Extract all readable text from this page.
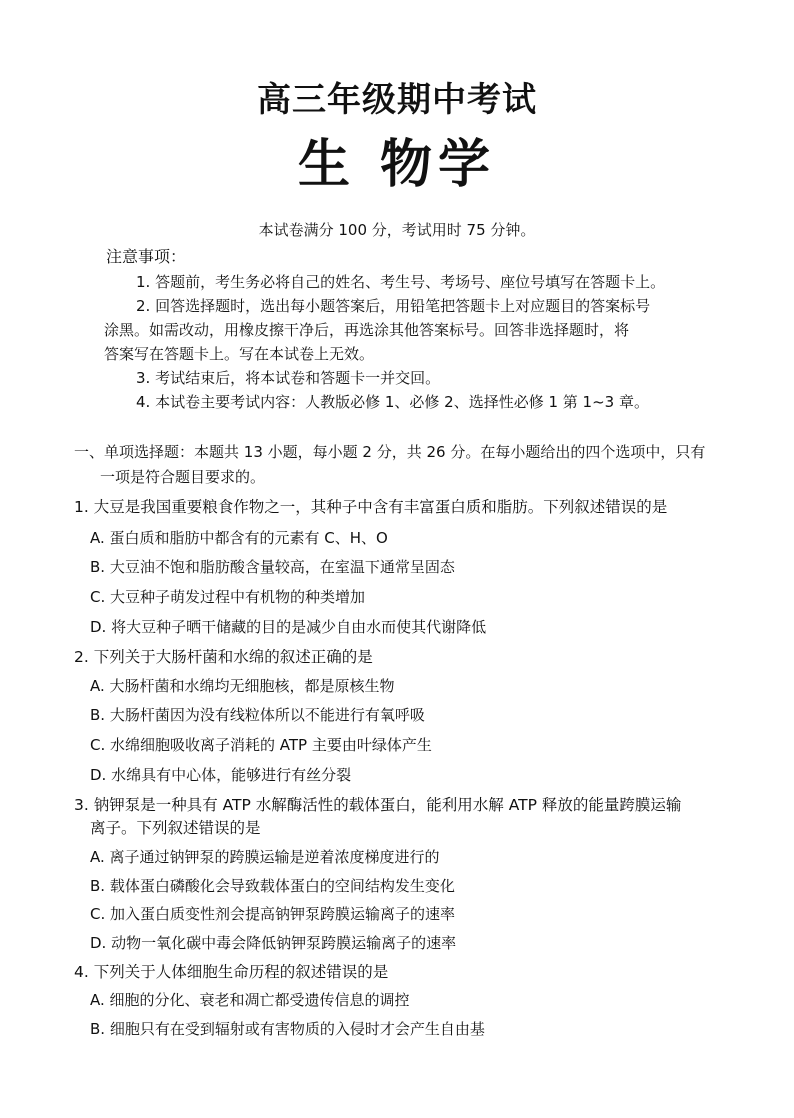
高三年级期中考试
生 物学
本试卷满分 100 分，考试用时 75 分钟。
注意事项：
1. 答题前，考生务必将自己的姓名、考生号、考场号、座位号填写在答题卡上。
2. 回答选择题时，选出每小题答案后，用铅笔把答题卡上对应题目的答案标号
涂黑。如需改动，用橡皮擦干净后，再选涂其他答案标号。回答非选择题时，将
答案写在答题卡上。写在本试卷上无效。
3. 考试结束后，将本试卷和答题卡一并交回。
4. 本试卷主要考试内容：人教版必修 1、必修 2、选择性必修 1 第 1~3 章。
一、单项选择题：本题共 13 小题，每小题 2 分，共 26 分。在每小题给出的四个选项中，只有
一项是符合题目要求的。
1. 大豆是我国重要粮食作物之一，其种子中含有丰富蛋白质和脂肪。下列叙述错误的是
A. 蛋白质和脂肪中都含有的元素有 C、H、O
B. 大豆油不饱和脂肪酸含量较高，在室温下通常呈固态
C. 大豆种子萌发过程中有机物的种类增加
D. 将大豆种子晒干储藏的目的是减少自由水而使其代谢降低
2. 下列关于大肠杆菌和水绵的叙述正确的是
A. 大肠杆菌和水绵均无细胞核，都是原核生物
B. 大肠杆菌因为没有线粒体所以不能进行有氧呼吸
C. 水绵细胞吸收离子消耗的 ATP 主要由叶绿体产生
D. 水绵具有中心体，能够进行有丝分裂
3. 钠钾泵是一种具有 ATP 水解酶活性的载体蛋白，能利用水解 ATP 释放的能量跨膜运输
离子。下列叙述错误的是
A. 离子通过钠钾泵的跨膜运输是逆着浓度梯度进行的
B. 载体蛋白磷酸化会导致载体蛋白的空间结构发生变化
C. 加入蛋白质变性剂会提高钠钾泵跨膜运输离子的速率
D. 动物一氧化碳中毒会降低钠钾泵跨膜运输离子的速率
4. 下列关于人体细胞生命历程的叙述错误的是
A. 细胞的分化、衰老和凋亡都受遗传信息的调控
B. 细胞只有在受到辐射或有害物质的入侵时才会产生自由基
